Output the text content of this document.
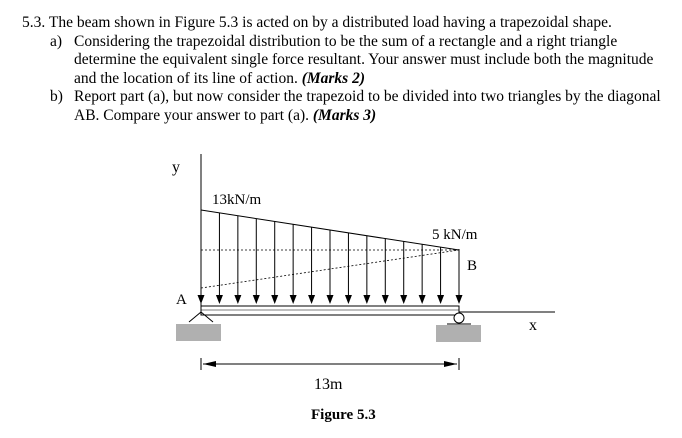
5.3. The beam shown in Figure 5.3 is acted on by a distributed load having a trapezoidal shape.
a) Considering the trapezoidal distribution to be the sum of a rectangle and a right triangle
determine the equivalent single force resultant. Your answer must include both the magnitude
and the location of its line of action. (Marks 2)
b) Report part (a), but now consider the trapezoid to be divided into two triangles by the diagonal
AB. Compare your answer to part (a). (Marks 3)
y
13kN/m
5 kN/m
A
B
x
13m
Figure 5.3
